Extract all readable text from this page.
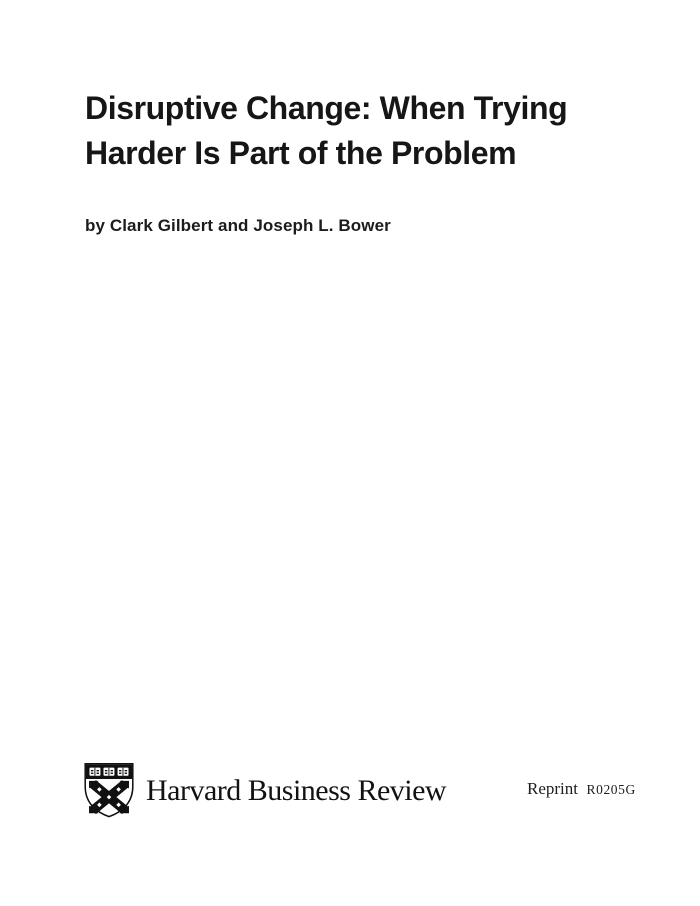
Disruptive Change: When Trying
Harder Is Part of the Problem
by Clark Gilbert and Joseph L. Bower
Harvard Business Review	Reprint R0205G
